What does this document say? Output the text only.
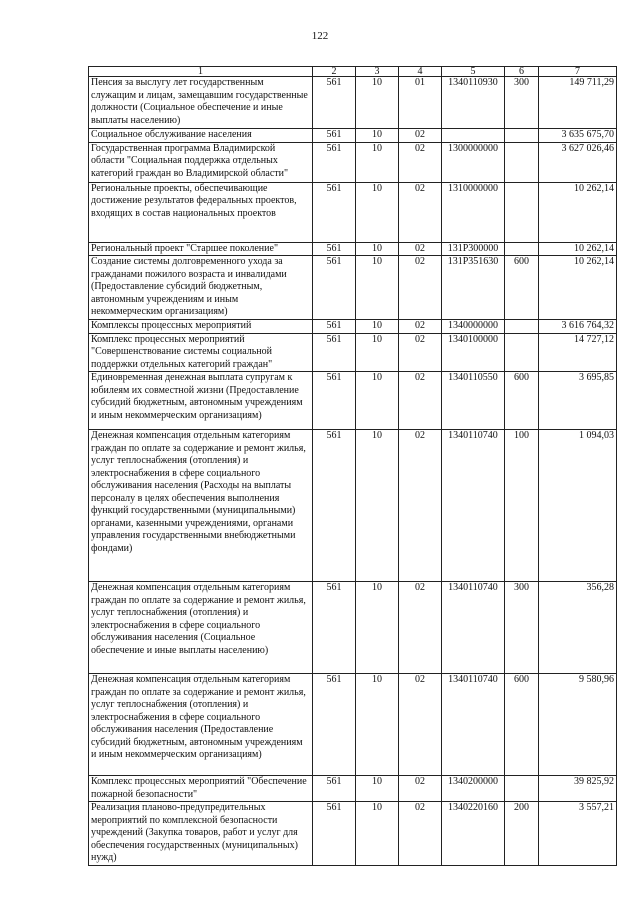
122
1	2	3	4	5	6	7
Пенсия за выслугу лет государственным служащим и лицам, замещавшим государственные должности (Социальное обеспечение и иные выплаты населению)	561	10	01	1340110930	300	149 711,29
Социальное обслуживание населения	561	10	02			3 635 675,70
Государственная программа Владимирской области "Социальная поддержка отдельных категорий граждан во Владимирской области"	561	10	02	1300000000		3 627 026,46
Региональные проекты, обеспечивающие достижение результатов федеральных проектов, входящих в состав национальных проектов	561	10	02	1310000000		10 262,14
Региональный проект "Старшее поколение"	561	10	02	131P300000		10 262,14
Создание системы долговременного ухода за гражданами пожилого возраста и инвалидами (Предоставление субсидий бюджетным, автономным учреждениям и иным некоммерческим организациям)	561	10	02	131P351630	600	10 262,14
Комплексы процессных мероприятий	561	10	02	1340000000		3 616 764,32
Комплекс процессных мероприятий "Совершенствование системы социальной поддержки отдельных категорий граждан"	561	10	02	1340100000		14 727,12
Единовременная денежная выплата супругам к юбилеям их совместной жизни (Предоставление субсидий бюджетным, автономным учреждениям и иным некоммерческим организациям)	561	10	02	1340110550	600	3 695,85
Денежная компенсация отдельным категориям граждан по оплате за содержание и ремонт жилья, услуг теплоснабжения (отопления) и электроснабжения в сфере социального обслуживания населения (Расходы на выплаты персоналу в целях обеспечения выполнения функций государственными (муниципальными) органами, казенными учреждениями, органами управления государственными внебюджетными фондами)	561	10	02	1340110740	100	1 094,03
Денежная компенсация отдельным категориям граждан по оплате за содержание и ремонт жилья, услуг теплоснабжения (отопления) и электроснабжения в сфере социального обслуживания населения (Социальное обеспечение и иные выплаты населению)	561	10	02	1340110740	300	356,28
Денежная компенсация отдельным категориям граждан по оплате за содержание и ремонт жилья, услуг теплоснабжения (отопления) и электроснабжения в сфере социального обслуживания населения (Предоставление субсидий бюджетным, автономным учреждениям и иным некоммерческим организациям)	561	10	02	1340110740	600	9 580,96
Комплекс процессных мероприятий "Обеспечение пожарной безопасности"	561	10	02	1340200000		39 825,92
Реализация планово-предупредительных мероприятий по комплексной безопасности учреждений (Закупка товаров, работ и услуг для обеспечения государственных (муниципальных) нужд)	561	10	02	1340220160	200	3 557,21
